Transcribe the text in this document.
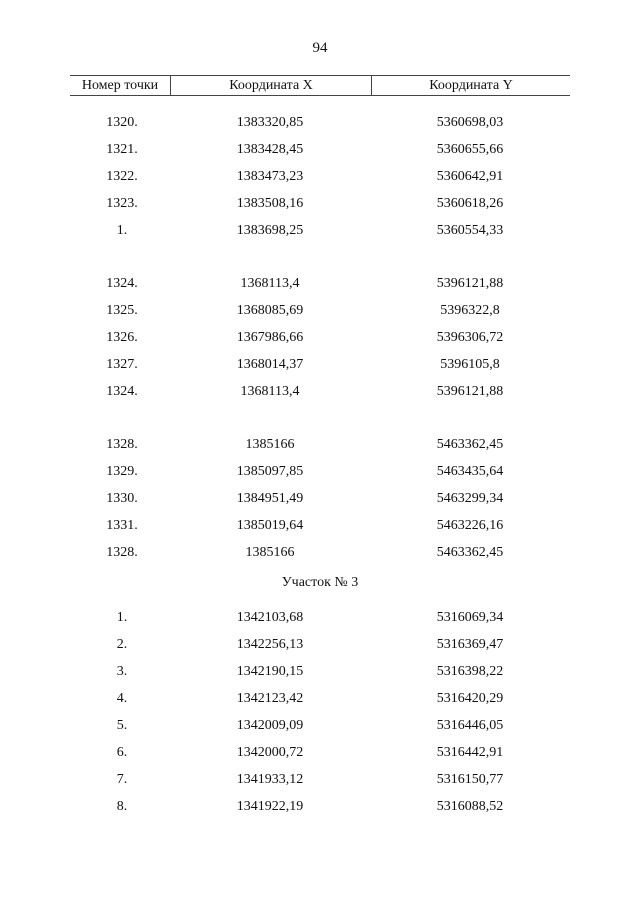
94
Номер точки	Координата X	Координата Y
1320.	1383320,85	5360698,03
1321.	1383428,45	5360655,66
1322.	1383473,23	5360642,91
1323.	1383508,16	5360618,26
1.	1383698,25	5360554,33
1324.	1368113,4	5396121,88
1325.	1368085,69	5396322,8
1326.	1367986,66	5396306,72
1327.	1368014,37	5396105,8
1324.	1368113,4	5396121,88
1328.	1385166	5463362,45
1329.	1385097,85	5463435,64
1330.	1384951,49	5463299,34
1331.	1385019,64	5463226,16
1328.	1385166	5463362,45
Участок № 3
1.	1342103,68	5316069,34
2.	1342256,13	5316369,47
3.	1342190,15	5316398,22
4.	1342123,42	5316420,29
5.	1342009,09	5316446,05
6.	1342000,72	5316442,91
7.	1341933,12	5316150,77
8.	1341922,19	5316088,52
